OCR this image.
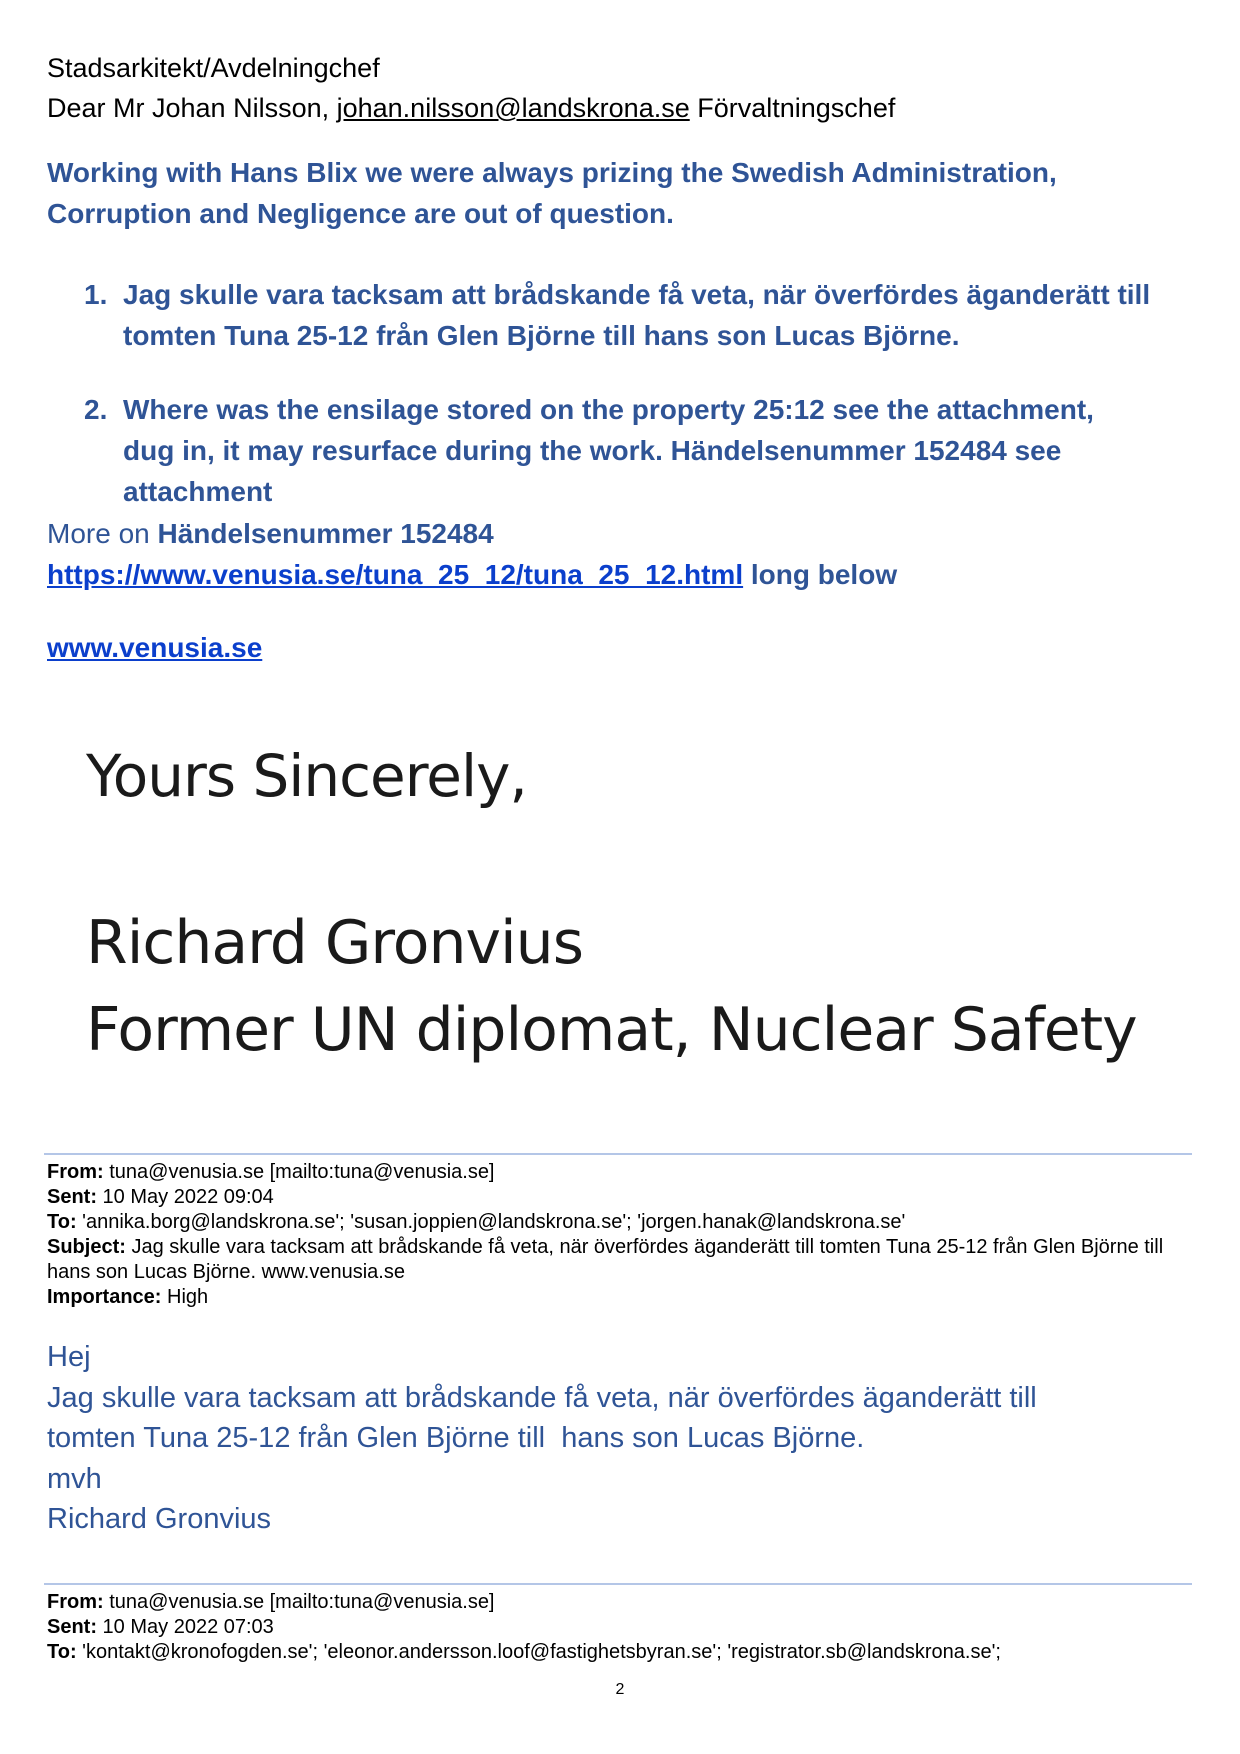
Stadsarkitekt/Avdelningchef
Dear Mr Johan Nilsson, johan.nilsson@landskrona.se Förvaltningschef
Working with Hans Blix we were always prizing the Swedish Administration,
Corruption and Negligence are out of question.
1. Jag skulle vara tacksam att brådskande få veta, när överfördes äganderätt till
tomten Tuna 25-12 från Glen Björne till hans son Lucas Björne.
2. Where was the ensilage stored on the property 25:12 see the attachment,
dug in, it may resurface during the work. Händelsenummer 152484 see
attachment
More on Händelsenummer 152484
https://www.venusia.se/tuna_25_12/tuna_25_12.html long below
www.venusia.se
Yours Sincerely,
Richard Gronvius
Former UN diplomat, Nuclear Safety
From: tuna@venusia.se [mailto:tuna@venusia.se]
Sent: 10 May 2022 09:04
To: 'annika.borg@landskrona.se'; 'susan.joppien@landskrona.se'; 'jorgen.hanak@landskrona.se'
Subject: Jag skulle vara tacksam att brådskande få veta, när överfördes äganderätt till tomten Tuna 25-12 från Glen Björne till hans son Lucas Björne. www.venusia.se
Importance: High
Hej
Jag skulle vara tacksam att brådskande få veta, när överfördes äganderätt till
tomten Tuna 25-12 från Glen Björne till  hans son Lucas Björne.
mvh
Richard Gronvius
From: tuna@venusia.se [mailto:tuna@venusia.se]
Sent: 10 May 2022 07:03
To: 'kontakt@kronofogden.se'; 'eleonor.andersson.loof@fastighetsbyran.se'; 'registrator.sb@landskrona.se';
2
